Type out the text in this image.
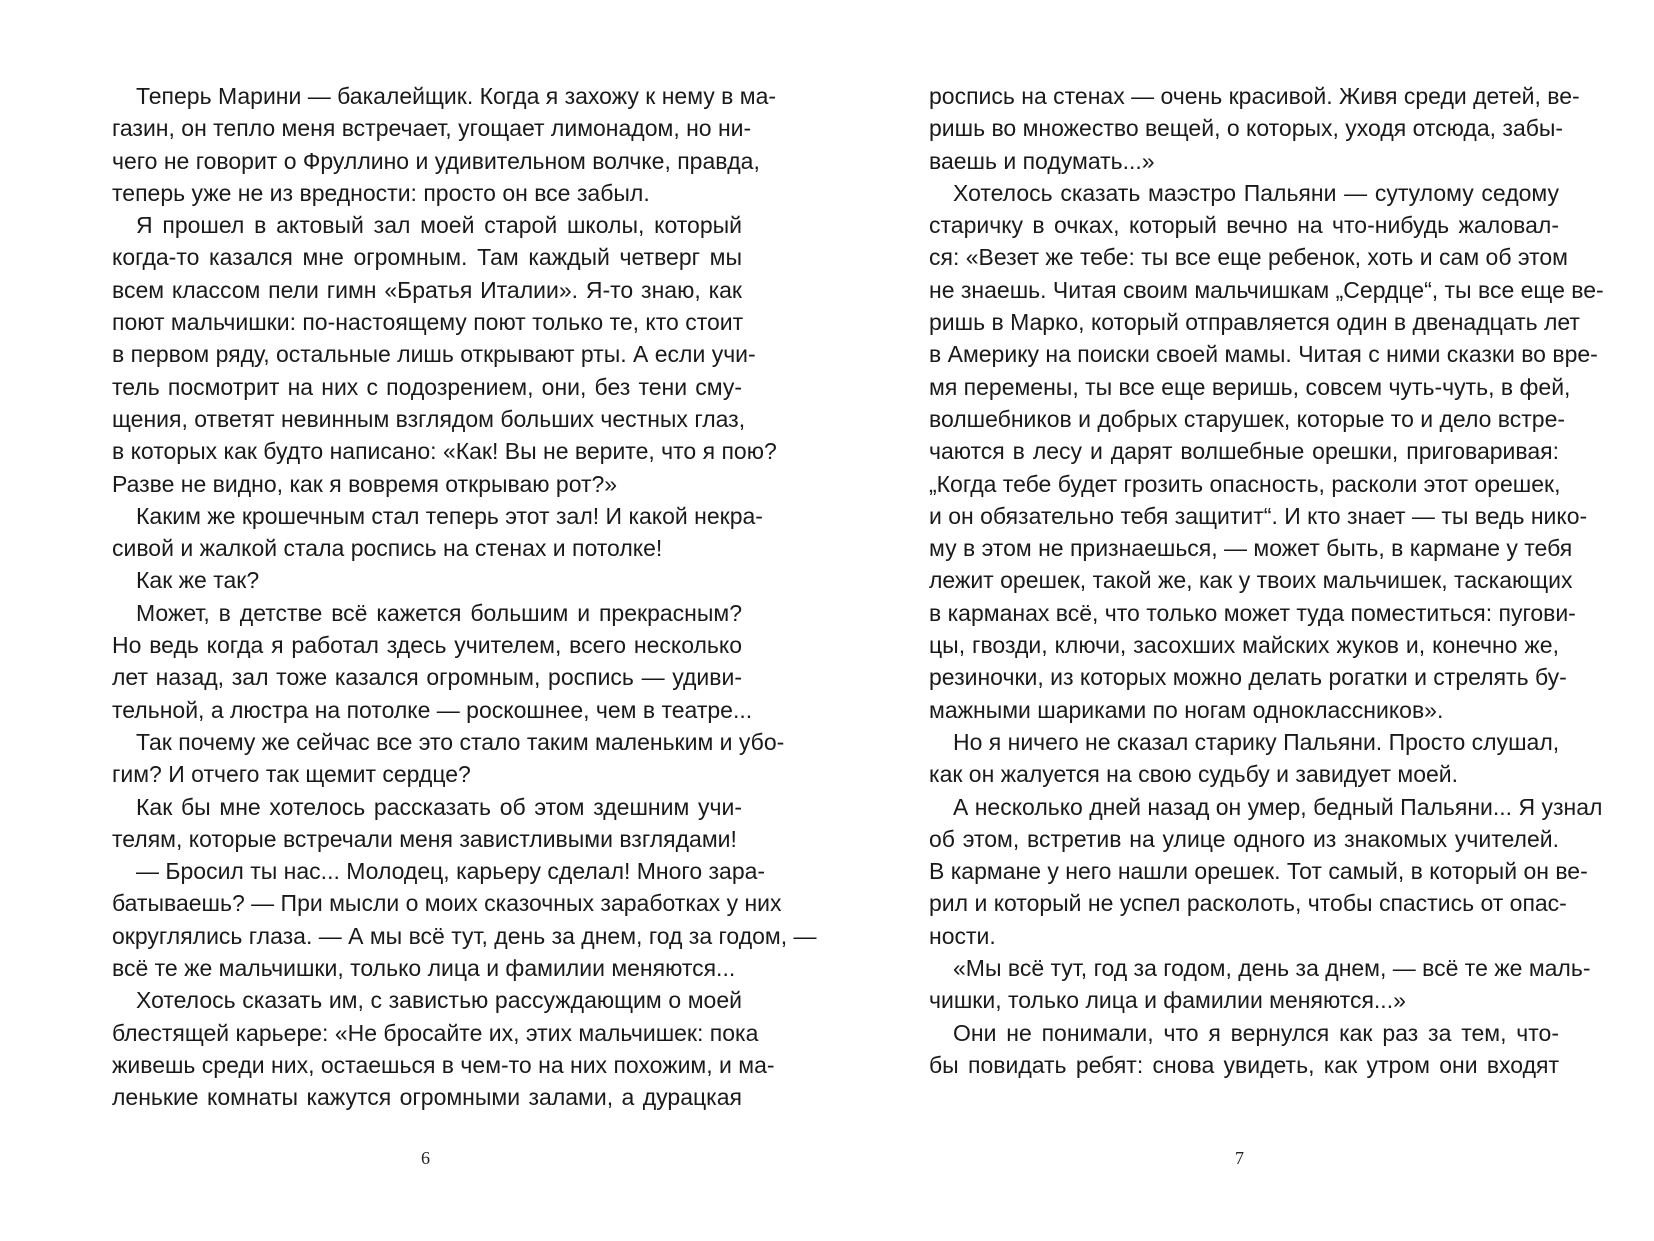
Теперь Марини — бакалейщик. Когда я захожу к нему в ма-
газин, он тепло меня встречает, угощает лимонадом, но ни-
чего не говорит о Фруллино и удивительном волчке, правда,
теперь уже не из вредности: просто он все забыл.
Я прошел в актовый зал моей старой школы, который
когда-то казался мне огромным. Там каждый четверг мы
всем классом пели гимн «Братья Италии». Я-то знаю, как
поют мальчишки: по-настоящему поют только те, кто стоит
в первом ряду, остальные лишь открывают рты. А если учи-
тель посмотрит на них с подозрением, они, без тени сму-
щения, ответят невинным взглядом больших честных глаз,
в которых как будто написано: «Как! Вы не верите, что я пою?
Разве не видно, как я вовремя открываю рот?»
Каким же крошечным стал теперь этот зал! И какой некра-
сивой и жалкой стала роспись на стенах и потолке!
Как же так?
Может, в детстве всё кажется большим и прекрасным?
Но ведь когда я работал здесь учителем, всего несколько
лет назад, зал тоже казался огромным, роспись — удиви-
тельной, а люстра на потолке — роскошнее, чем в театре...
Так почему же сейчас все это стало таким маленьким и убо-
гим? И отчего так щемит сердце?
Как бы мне хотелось рассказать об этом здешним учи-
телям, которые встречали меня завистливыми взглядами!
— Бросил ты нас... Молодец, карьеру сделал! Много зара-
батываешь? — При мысли о моих сказочных заработках у них
округлялись глаза. — А мы всё тут, день за днем, год за годом, —
всё те же мальчишки, только лица и фамилии меняются...
Хотелось сказать им, с завистью рассуждающим о моей
блестящей карьере: «Не бросайте их, этих мальчишек: пока
живешь среди них, остаешься в чем-то на них похожим, и ма-
ленькие комнаты кажутся огромными залами, а дурацкая
6
роспись на стенах — очень красивой. Живя среди детей, ве-
ришь во множество вещей, о которых, уходя отсюда, забы-
ваешь и подумать...»
Хотелось сказать маэстро Пальяни — сутулому седому
старичку в очках, который вечно на что-нибудь жаловал-
ся: «Везет же тебе: ты все еще ребенок, хоть и сам об этом
не знаешь. Читая своим мальчишкам „Сердце“, ты все еще ве-
ришь в Марко, который отправляется один в двенадцать лет
в Америку на поиски своей мамы. Читая с ними сказки во вре-
мя перемены, ты все еще веришь, совсем чуть-чуть, в фей,
волшебников и добрых старушек, которые то и дело встре-
чаются в лесу и дарят волшебные орешки, приговаривая:
„Когда тебе будет грозить опасность, расколи этот орешек,
и он обязательно тебя защитит“. И кто знает — ты ведь нико-
му в этом не признаешься, — может быть, в кармане у тебя
лежит орешек, такой же, как у твоих мальчишек, таскающих
в карманах всё, что только может туда поместиться: пугови-
цы, гвозди, ключи, засохших майских жуков и, конечно же,
резиночки, из которых можно делать рогатки и стрелять бу-
мажными шариками по ногам одноклассников».
Но я ничего не сказал старику Пальяни. Просто слушал,
как он жалуется на свою судьбу и завидует моей.
А несколько дней назад он умер, бедный Пальяни... Я узнал
об этом, встретив на улице одного из знакомых учителей.
В кармане у него нашли орешек. Тот самый, в который он ве-
рил и который не успел расколоть, чтобы спастись от опас-
ности.
«Мы всё тут, год за годом, день за днем, — всё те же маль-
чишки, только лица и фамилии меняются...»
Они не понимали, что я вернулся как раз за тем, что-
бы повидать ребят: снова увидеть, как утром они входят
7
